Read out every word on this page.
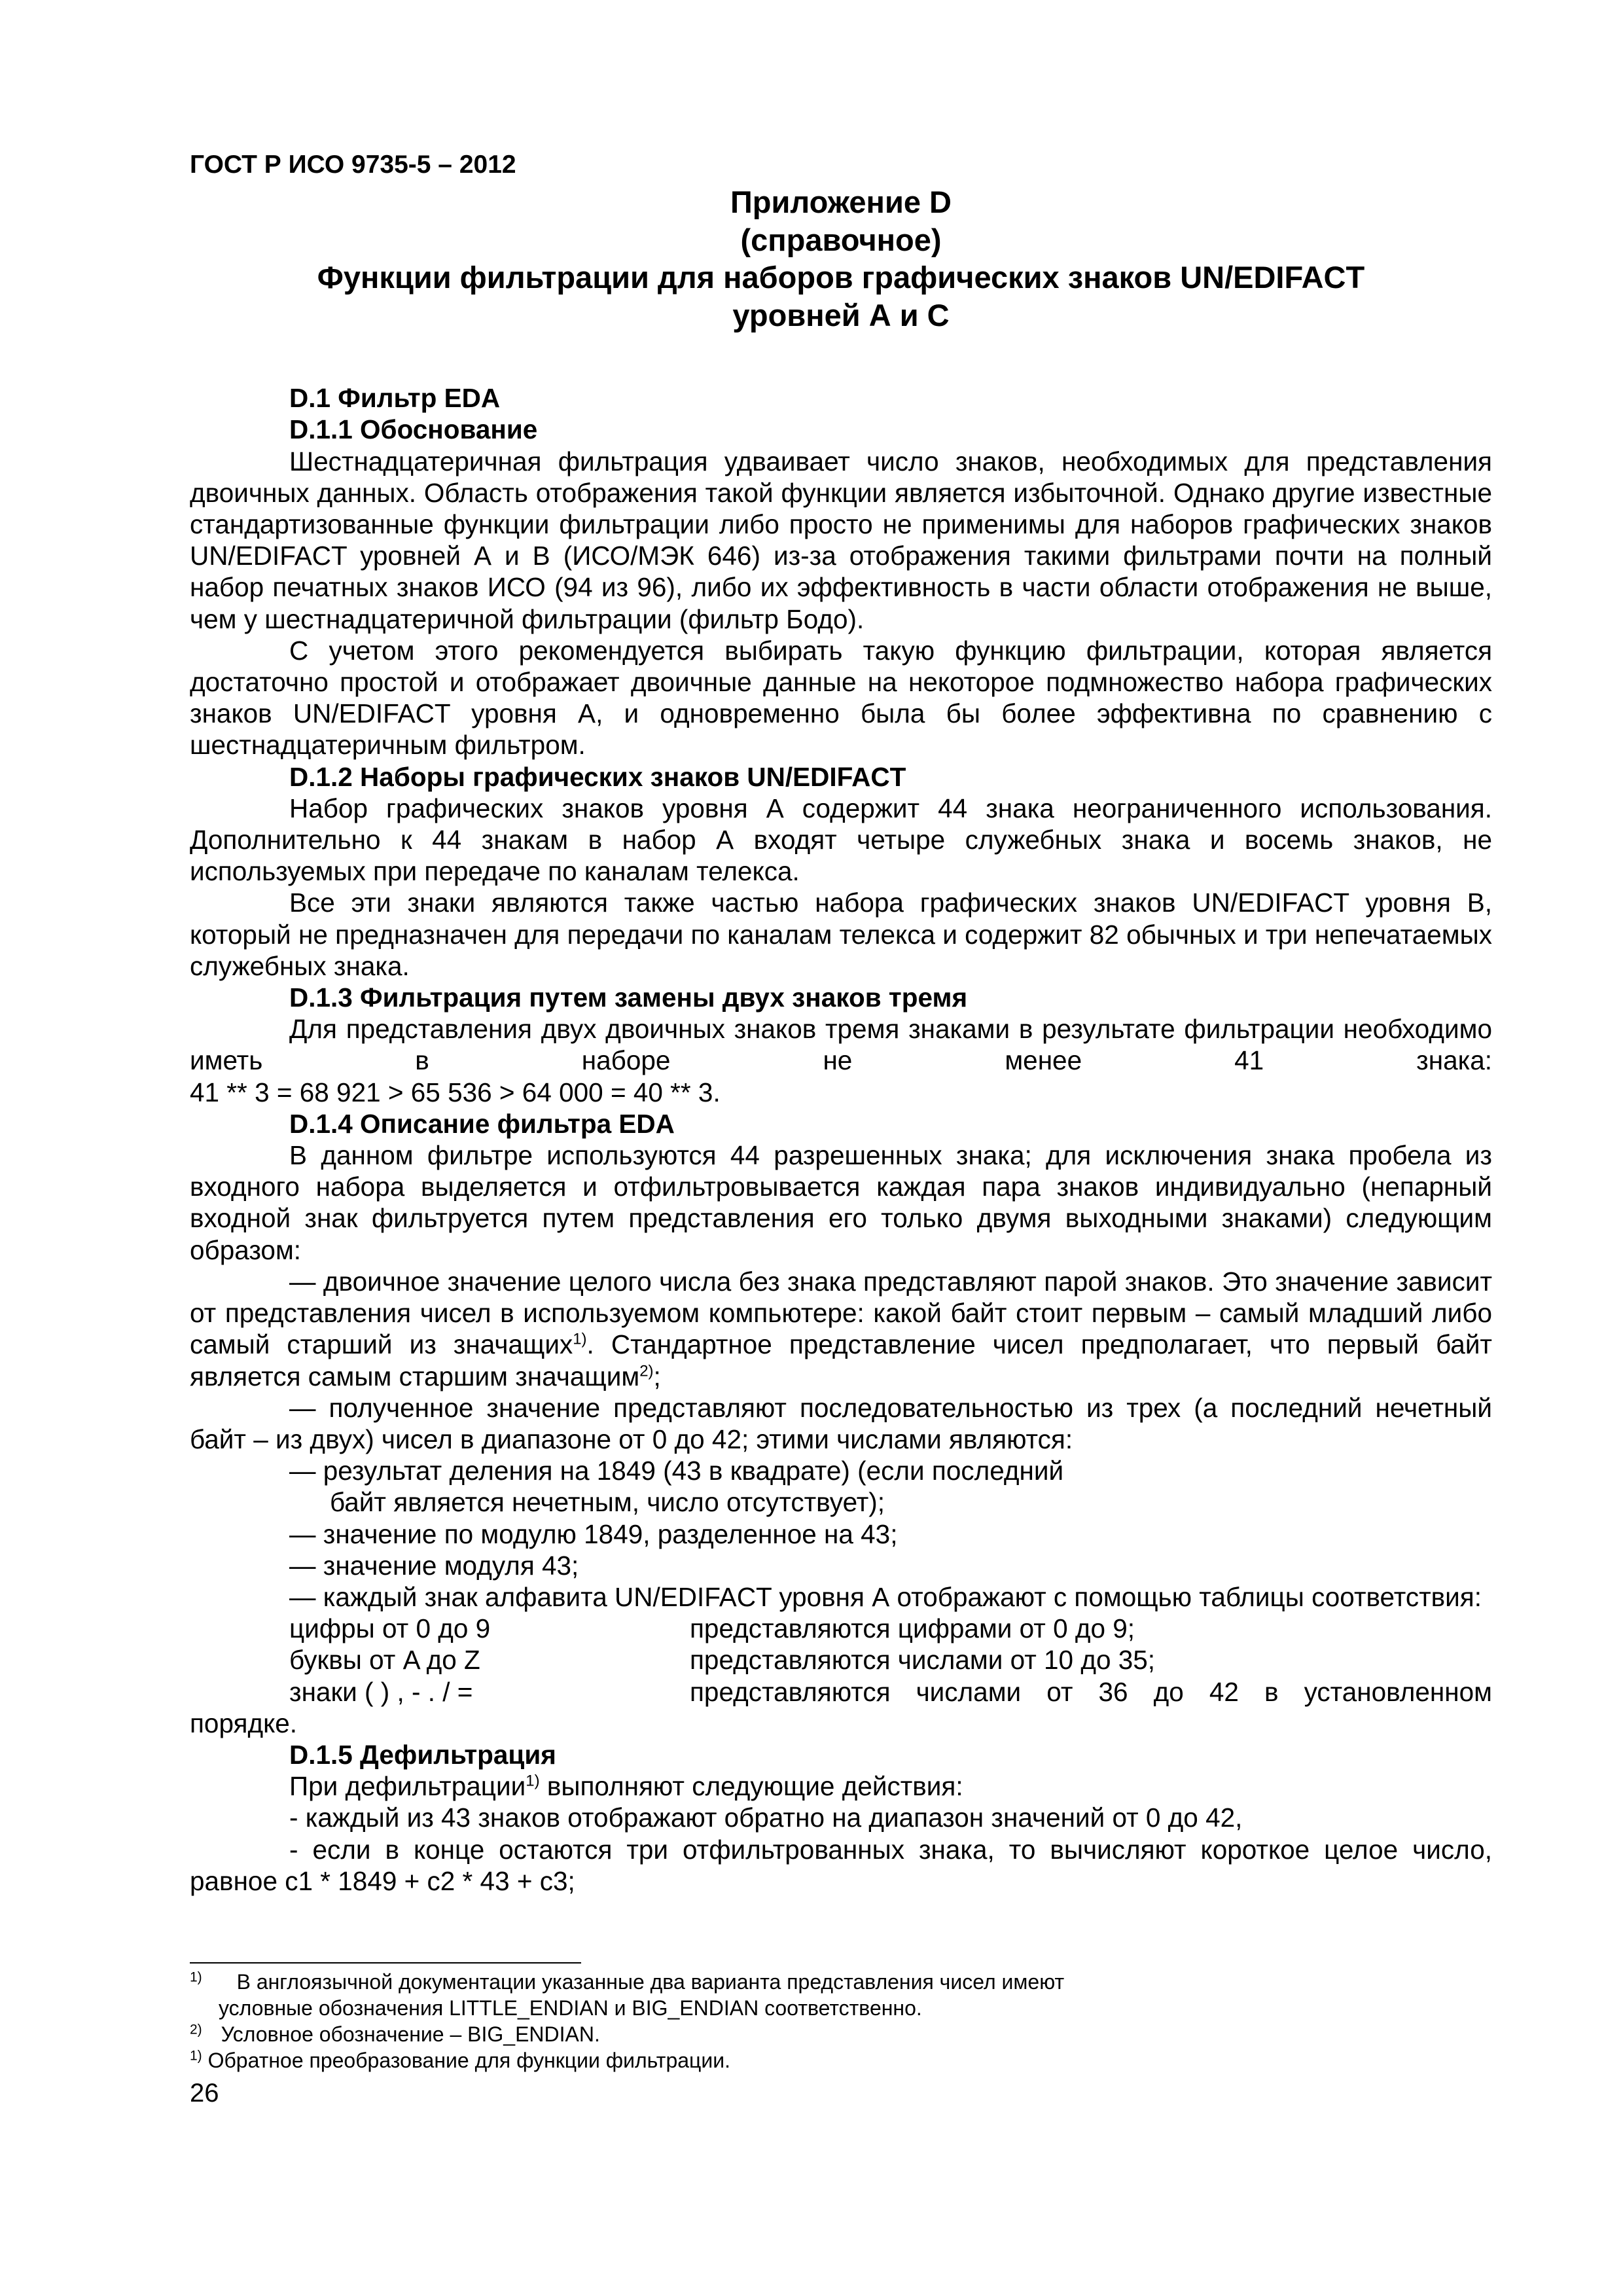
ГОСТ Р ИСО 9735-5 – 2012
Приложение D
(справочное)
Функции фильтрации для наборов графических знаков UN/EDIFACT
уровней А и С
D.1 Фильтр EDA
D.1.1 Обоснование

Шестнадцатеричная фильтрация удваивает число знаков, необходимых для представления двоичных данных. Область отображения такой функции является избыточной. Однако другие известные стандартизованные функции фильтрации либо просто не применимы для наборов графических знаков UN/EDIFACT уровней А и В (ИСО/МЭК 646) из-за отображения такими фильтрами почти на полный набор печатных знаков ИСО (94 из 96), либо их эффективность в части области отображения не выше, чем у шестнадцатеричной фильтрации (фильтр Бодо).

С учетом этого рекомендуется выбирать такую функцию фильтрации, которая является достаточно простой и отображает двоичные данные на некоторое подмножество набора графических знаков UN/EDIFACT уровня А, и одновременно была бы более эффективна по сравнению с шестнадцатеричным фильтром.

D.1.2 Наборы графических знаков UN/EDIFACT

Набор графических знаков уровня А содержит 44 знака неограниченного использования. Дополнительно к 44 знакам в набор А входят четыре служебных знака и восемь знаков, не используемых при передаче по каналам телекса.

Все эти знаки являются также частью набора графических знаков UN/EDIFACT уровня В, который не предназначен для передачи по каналам телекса и содержит 82 обычных и три непечатаемых служебных знака.

D.1.3 Фильтрация путем замены двух знаков тремя

Для представления двух двоичных знаков тремя знаками в результате фильтрации необходимо иметь в наборе не менее 41 знака:

41 ** 3 = 68 921 > 65 536 > 64 000 = 40 ** 3.

D.1.4 Описание фильтра EDA

В данном фильтре используются 44 разрешенных знака; для исключения знака пробела из входного набора выделяется и отфильтровывается каждая пара знаков индивидуально (непарный входной знак фильтруется путем представления его только двумя выходными знаками) следующим образом:

— двоичное значение целого числа без знака представляют парой знаков. Это значение зависит от представления чисел в используемом компьютере: какой байт стоит первым – самый младший либо самый старший из значащих$^{1)}$. Стандартное представление чисел предполагает, что первый байт является самым старшим значащим$^{2)}$;

— полученное значение представляют последовательностью из трех (а последний нечетный байт – из двух) чисел в диапазоне от 0 до 42; этими числами являются:

— результат деления на 1849 (43 в квадрате) (если последний
байт является нечетным, число отсутствует);
— значение по модулю 1849, разделенное на 43;
— значение модуля 43;

— каждый знак алфавита UN/EDIFACT уровня А отображают с помощью таблицы соответствия:

цифры от 0 до 9	представляются цифрами от 0 до 9;
буквы от A до Z	представляются числами от 10 до 35;
знаки ( ) , - . / =	представляются числами от 36 до 42 в установленном
порядке.
D.1.5 Дефильтрация

При дефильтрации$^{1)}$ выполняют следующие действия:

- каждый из 43 знаков отображают обратно на диапазон значений от 0 до 42,

- если в конце остаются три отфильтрованных знака, то вычисляют короткое целое число, равное с1 * 1849 + с2 * 43 + с3;

$^{1)}$ В англоязычной документации указанные два варианта представления чисел имеют
условные обозначения LITTLE_ENDIAN и BIG_ENDIAN соответственно.
$^{2)}$ Условное обозначение – BIG_ENDIAN.
$^{1)}$ Обратное преобразование для функции фильтрации.
26
